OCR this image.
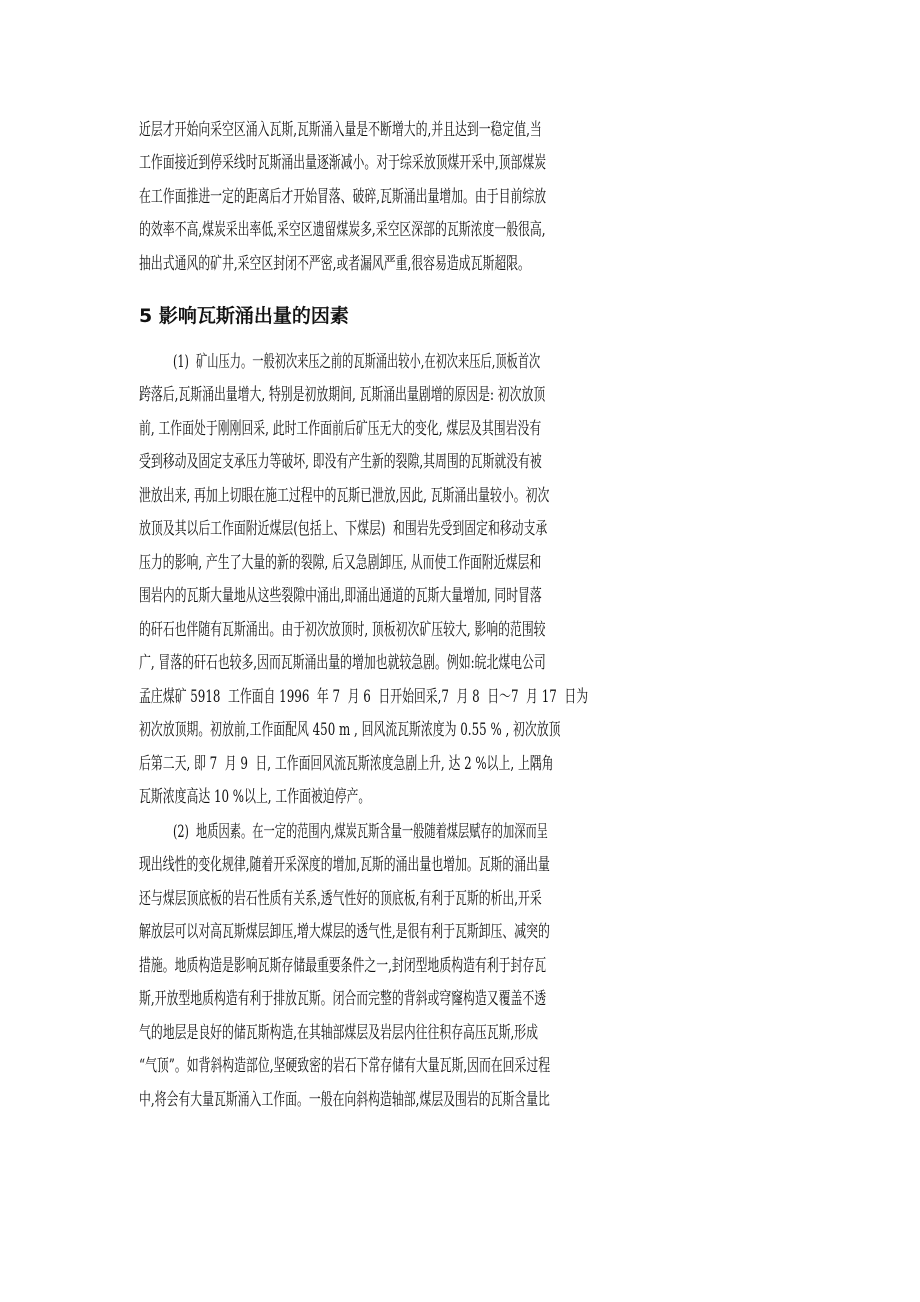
近层才开始向采空区涌入瓦斯,瓦斯涌入量是不断增大的,并且达到一稳定值,当
工作面接近到停采线时瓦斯涌出量逐渐减小。对于综采放顶煤开采中,顶部煤炭
在工作面推进一定的距离后才开始冒落、破碎,瓦斯涌出量增加。由于目前综放
的效率不高,煤炭采出率低,采空区遗留煤炭多,采空区深部的瓦斯浓度一般很高,
抽出式通风的矿井,采空区封闭不严密,或者漏风严重,很容易造成瓦斯超限。
5 影响瓦斯涌出量的因素
(1)  矿山压力。一般初次来压之前的瓦斯涌出较小,在初次来压后,顶板首次
跨落后,瓦斯涌出量增大, 特别是初放期间, 瓦斯涌出量剧增的原因是: 初次放顶
前, 工作面处于刚刚回采, 此时工作面前后矿压无大的变化, 煤层及其围岩没有
受到移动及固定支承压力等破坏, 即没有产生新的裂隙,其周围的瓦斯就没有被
泄放出来, 再加上切眼在施工过程中的瓦斯已泄放,因此, 瓦斯涌出量较小。初次
放顶及其以后工作面附近煤层(包括上、下煤层)  和围岩先受到固定和移动支承
压力的影响, 产生了大量的新的裂隙, 后又急剧卸压, 从而使工作面附近煤层和
围岩内的瓦斯大量地从这些裂隙中涌出,即涌出通道的瓦斯大量增加, 同时冒落
的矸石也伴随有瓦斯涌出。由于初次放顶时, 顶板初次矿压较大, 影响的范围较
广, 冒落的矸石也较多,因而瓦斯涌出量的增加也就较急剧。例如:皖北煤电公司
孟庄煤矿 5918  工作面自 1996  年 7  月 6  日开始回采,7  月 8  日～7  月 17  日为
初次放顶期。初放前,工作面配风 450 m , 回风流瓦斯浓度为 0.55 % , 初次放顶
后第二天, 即 7  月 9  日, 工作面回风流瓦斯浓度急剧上升, 达 2 %以上, 上隅角
瓦斯浓度高达 10 %以上, 工作面被迫停产。
(2)  地质因素。在一定的范围内,煤炭瓦斯含量一般随着煤层赋存的加深而呈
现出线性的变化规律,随着开采深度的增加,瓦斯的涌出量也增加。瓦斯的涌出量
还与煤层顶底板的岩石性质有关系,透气性好的顶底板,有利于瓦斯的析出,开采
解放层可以对高瓦斯煤层卸压,增大煤层的透气性,是很有利于瓦斯卸压、减突的
措施。地质构造是影响瓦斯存储最重要条件之一,封闭型地质构造有利于封存瓦
斯,开放型地质构造有利于排放瓦斯。闭合而完整的背斜或穹窿构造又覆盖不透
气的地层是良好的储瓦斯构造,在其轴部煤层及岩层内往往积存高压瓦斯,形成
“气顶”。如背斜构造部位,坚硬致密的岩石下常存储有大量瓦斯,因而在回采过程
中,将会有大量瓦斯涌入工作面。一般在向斜构造轴部,煤层及围岩的瓦斯含量比
